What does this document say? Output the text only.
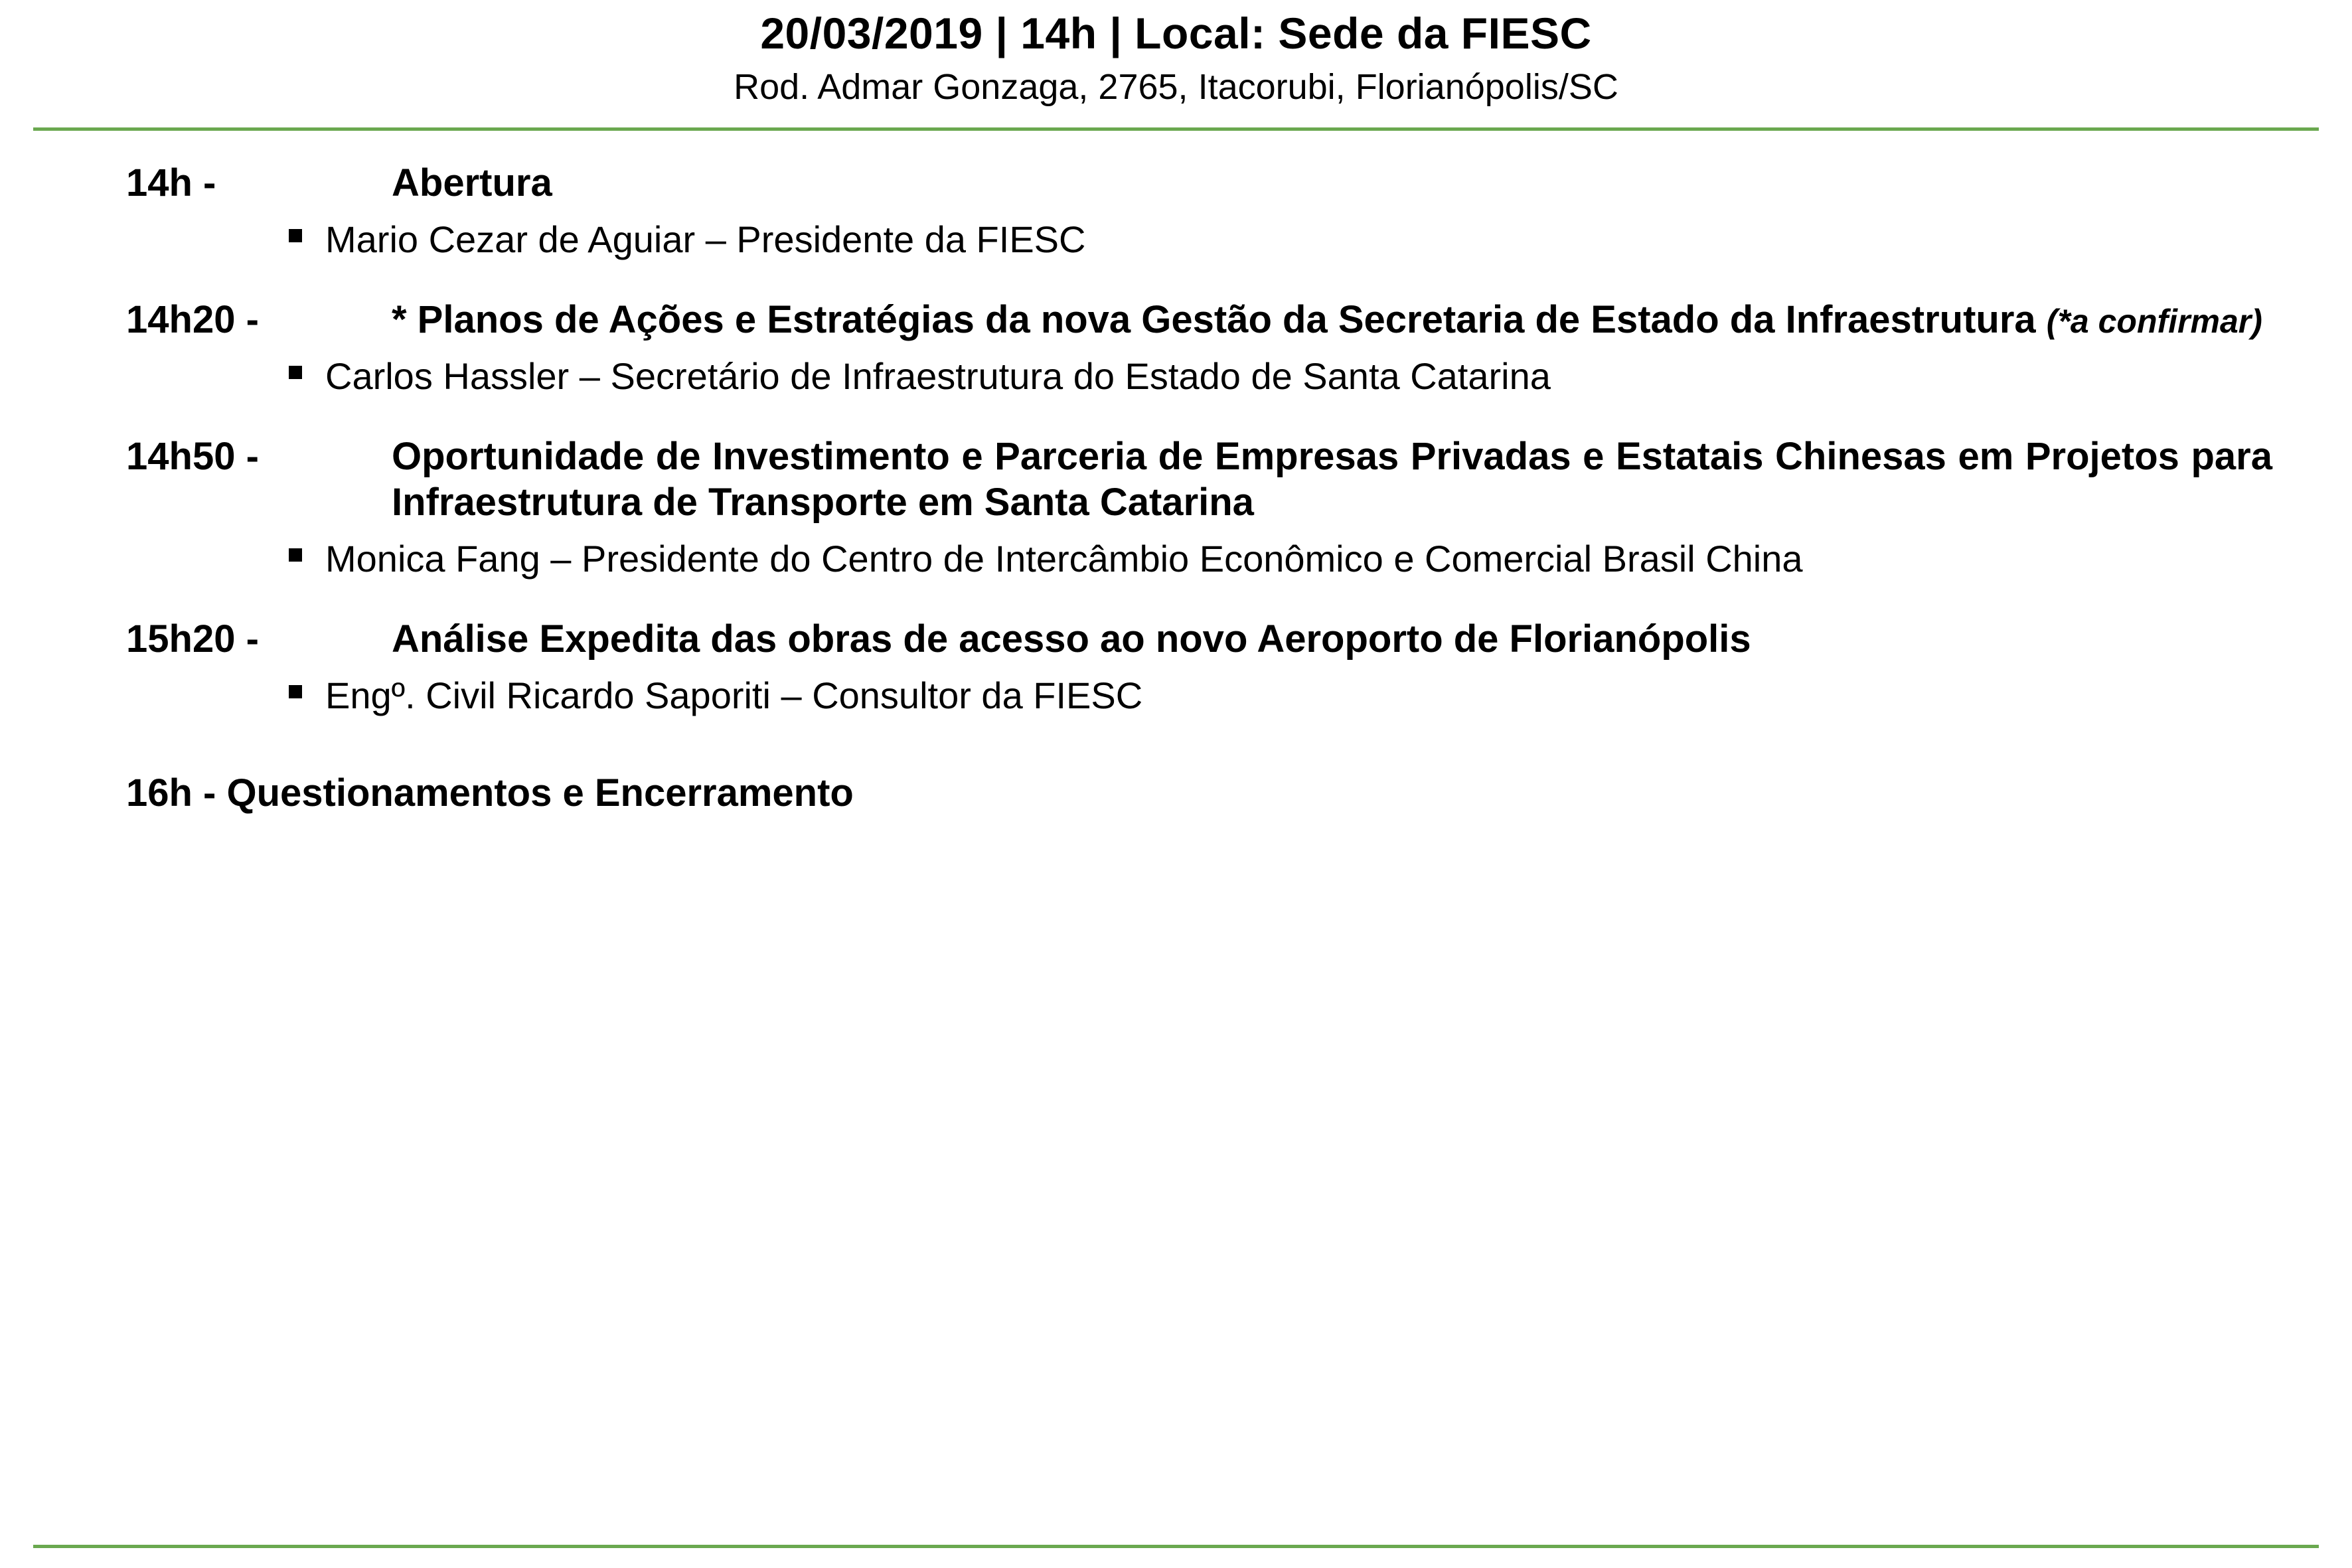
20/03/2019 | 14h | Local: Sede da FIESC
Rod. Admar Gonzaga, 2765, Itacorubi, Florianópolis/SC
14h -	Abertura
Mario Cezar de Aguiar – Presidente da FIESC
14h20 -	* Planos de Ações e Estratégias da nova Gestão da Secretaria de Estado da Infraestrutura (*a confirmar)
Carlos Hassler – Secretário de Infraestrutura do Estado de Santa Catarina
14h50 -	Oportunidade de Investimento e Parceria de Empresas Privadas e Estatais Chinesas em Projetos para Infraestrutura de Transporte em Santa Catarina
Monica Fang – Presidente do Centro de Intercâmbio Econômico e Comercial Brasil China
15h20 -	Análise Expedita das obras de acesso ao novo Aeroporto de Florianópolis
Engº. Civil Ricardo Saporiti – Consultor da FIESC
16h - Questionamentos e Encerramento
